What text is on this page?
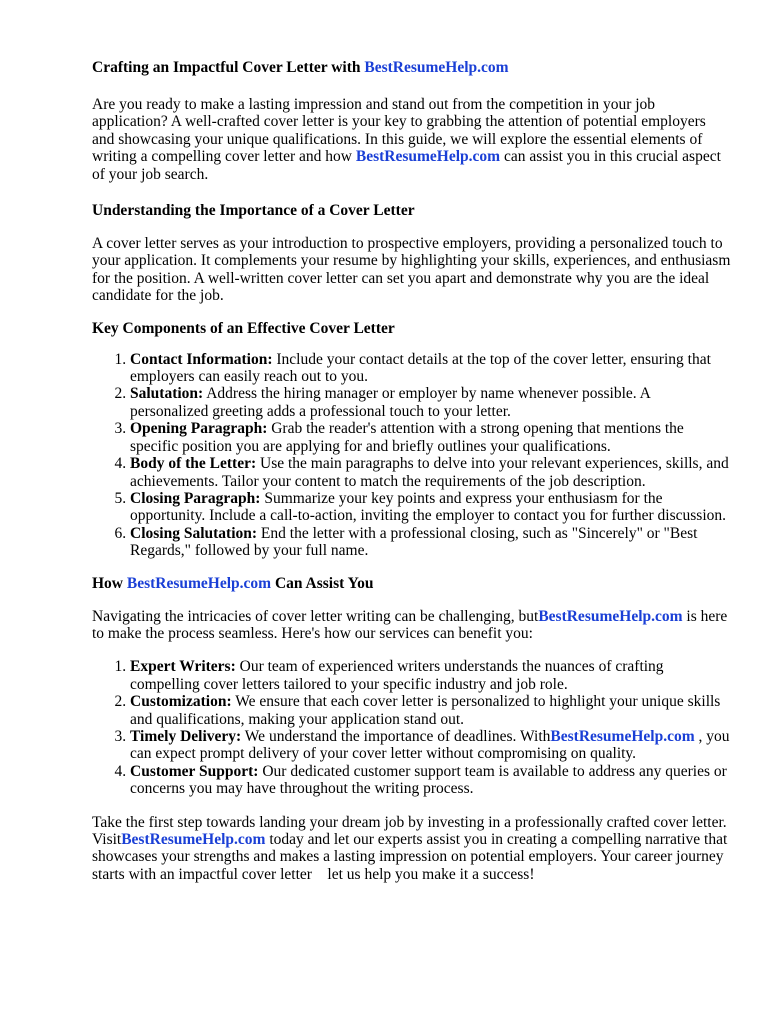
Crafting an Impactful Cover Letter with BestResumeHelp.com

Are you ready to make a lasting impression and stand out from the competition in your job application? A well-crafted cover letter is your key to grabbing the attention of potential employers and showcasing your unique qualifications. In this guide, we will explore the essential elements of writing a compelling cover letter and how BestResumeHelp.com can assist you in this crucial aspect of your job search.

Understanding the Importance of a Cover Letter

A cover letter serves as your introduction to prospective employers, providing a personalized touch to your application. It complements your resume by highlighting your skills, experiences, and enthusiasm for the position. A well-written cover letter can set you apart and demonstrate why you are the ideal candidate for the job.

Key Components of an Effective Cover Letter

1. Contact Information: Include your contact details at the top of the cover letter, ensuring that employers can easily reach out to you.
2. Salutation: Address the hiring manager or employer by name whenever possible. A personalized greeting adds a professional touch to your letter.
3. Opening Paragraph: Grab the reader's attention with a strong opening that mentions the specific position you are applying for and briefly outlines your qualifications.
4. Body of the Letter: Use the main paragraphs to delve into your relevant experiences, skills, and achievements. Tailor your content to match the requirements of the job description.
5. Closing Paragraph: Summarize your key points and express your enthusiasm for the opportunity. Include a call-to-action, inviting the employer to contact you for further discussion.
6. Closing Salutation: End the letter with a professional closing, such as "Sincerely" or "Best Regards," followed by your full name.

How BestResumeHelp.com Can Assist You

Navigating the intricacies of cover letter writing can be challenging, butBestResumeHelp.com is here to make the process seamless. Here's how our services can benefit you:

1. Expert Writers: Our team of experienced writers understands the nuances of crafting compelling cover letters tailored to your specific industry and job role.
2. Customization: We ensure that each cover letter is personalized to highlight your unique skills and qualifications, making your application stand out.
3. Timely Delivery: We understand the importance of deadlines. WithBestResumeHelp.com , you can expect prompt delivery of your cover letter without compromising on quality.
4. Customer Support: Our dedicated customer support team is available to address any queries or concerns you may have throughout the writing process.

Take the first step towards landing your dream job by investing in a professionally crafted cover letter. VisitBestResumeHelp.com today and let our experts assist you in creating a compelling narrative that showcases your strengths and makes a lasting impression on potential employers. Your career journey starts with an impactful cover letter    let us help you make it a success!
